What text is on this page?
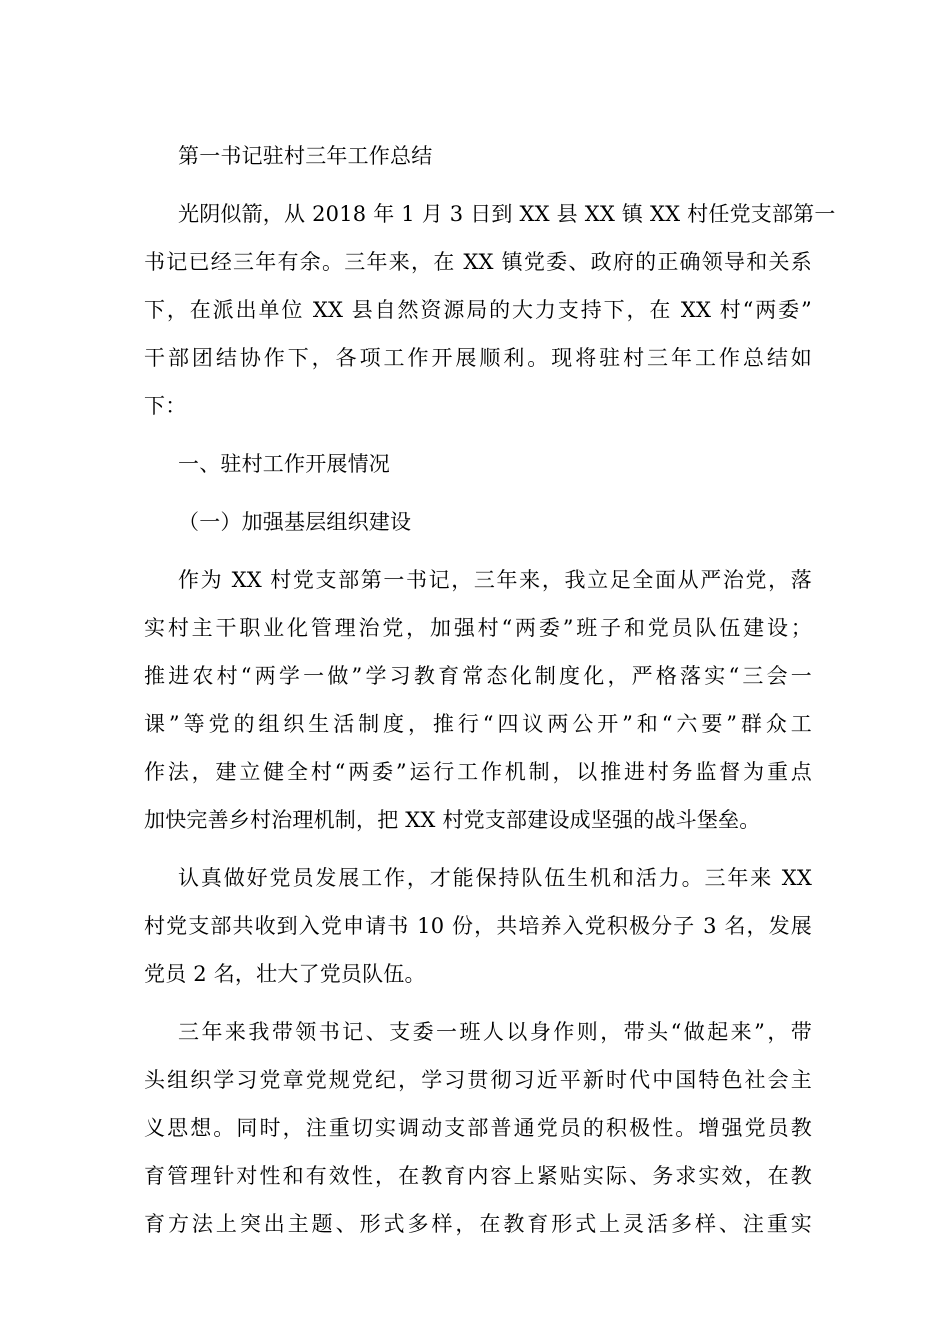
第一书记驻村三年工作总结
光阴似箭，从 2018 年 1 月 3 日到 XX 县 XX 镇 XX 村任党支部第一
书记已经三年有余。三年来，在 XX 镇党委、政府的正确领导和关系
下，在派出单位 XX 县自然资源局的大力支持下，在 XX 村“两委”
干部团结协作下，各项工作开展顺利。现将驻村三年工作总结如
下：
一、驻村工作开展情况
（一）加强基层组织建设
作为 XX 村党支部第一书记，三年来，我立足全面从严治党，落
实村主干职业化管理治党，加强村“两委”班子和党员队伍建设；
推进农村“两学一做”学习教育常态化制度化，严格落实“三会一
课”等党的组织生活制度，推行“四议两公开”和“六要”群众工
作法，建立健全村“两委”运行工作机制，以推进村务监督为重点
加快完善乡村治理机制，把 XX 村党支部建设成坚强的战斗堡垒。
认真做好党员发展工作，才能保持队伍生机和活力。三年来 XX
村党支部共收到入党申请书 10 份，共培养入党积极分子 3 名，发展
党员 2 名，壮大了党员队伍。
三年来我带领书记、支委一班人以身作则，带头“做起来”，带
头组织学习党章党规党纪，学习贯彻习近平新时代中国特色社会主
义思想。同时，注重切实调动支部普通党员的积极性。增强党员教
育管理针对性和有效性，在教育内容上紧贴实际、务求实效，在教
育方法上突出主题、形式多样，在教育形式上灵活多样、注重实
